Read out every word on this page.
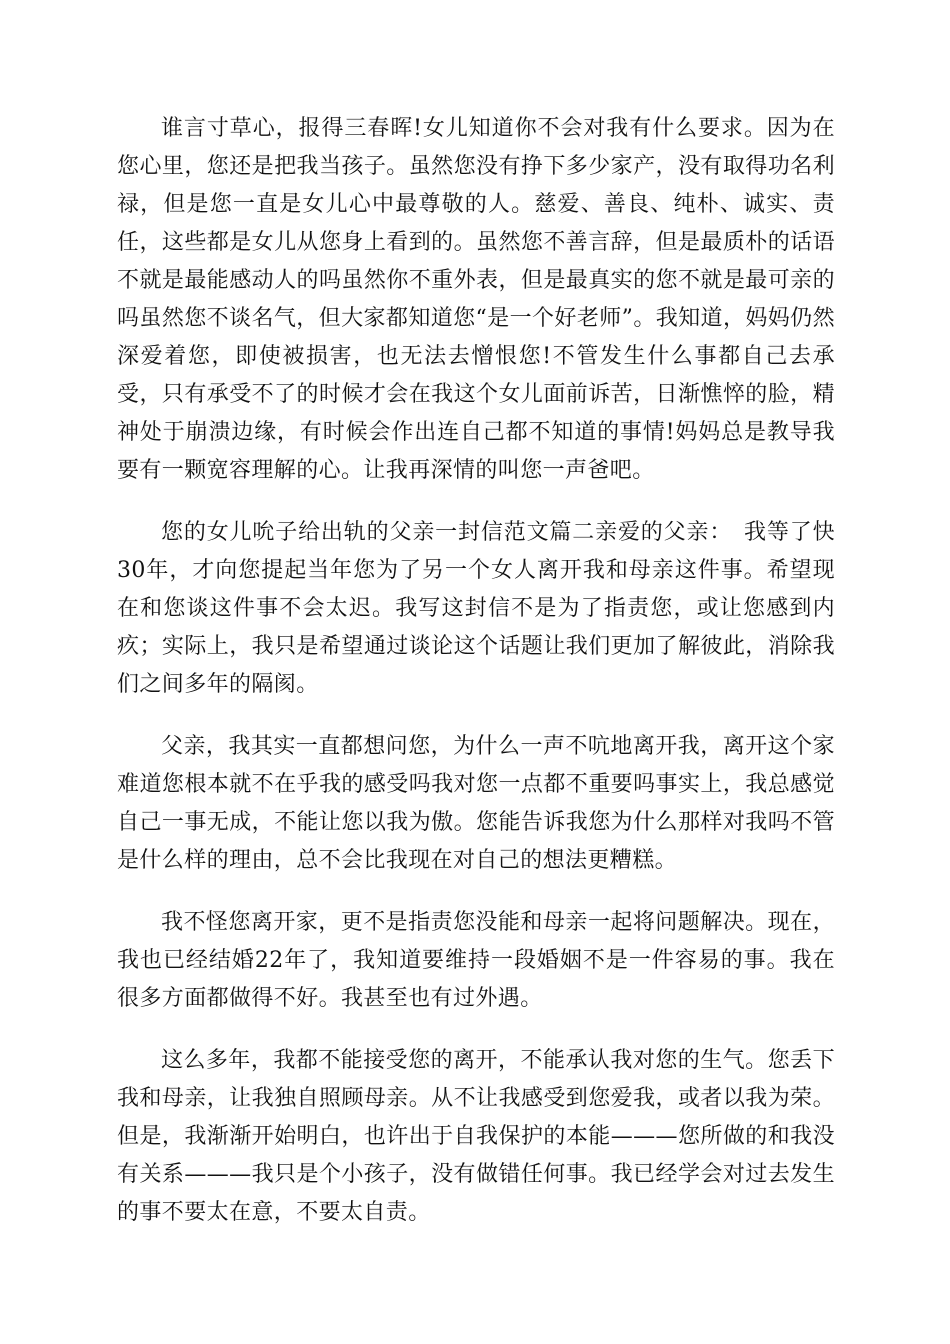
谁言寸草心，报得三春晖!女儿知道你不会对我有什么要求。因为在您心里，您还是把我当孩子。虽然您没有挣下多少家产，没有取得功名利禄，但是您一直是女儿心中最尊敬的人。慈爱、善良、纯朴、诚实、责任，这些都是女儿从您身上看到的。虽然您不善言辞，但是最质朴的话语不就是最能感动人的吗虽然你不重外表，但是最真实的您不就是最可亲的吗虽然您不谈名气，但大家都知道您“是一个好老师”。我知道，妈妈仍然深爱着您，即使被损害，也无法去憎恨您!不管发生什么事都自己去承受，只有承受不了的时候才会在我这个女儿面前诉苦，日渐憔悴的脸，精神处于崩溃边缘，有时候会作出连自己都不知道的事情!妈妈总是教导我要有一颗宽容理解的心。让我再深情的叫您一声爸吧。

您的女儿吮子给出轨的父亲一封信范文篇二亲爱的父亲：　我等了快30年，才向您提起当年您为了另一个女人离开我和母亲这件事。希望现在和您谈这件事不会太迟。我写这封信不是为了指责您，或让您感到内疚；实际上，我只是希望通过谈论这个话题让我们更加了解彼此，消除我们之间多年的隔阂。

父亲，我其实一直都想问您，为什么一声不吭地离开我，离开这个家难道您根本就不在乎我的感受吗我对您一点都不重要吗事实上，我总感觉自己一事无成，不能让您以我为傲。您能告诉我您为什么那样对我吗不管是什么样的理由，总不会比我现在对自己的想法更糟糕。

我不怪您离开家，更不是指责您没能和母亲一起将问题解决。现在，我也已经结婚22年了，我知道要维持一段婚姻不是一件容易的事。我在很多方面都做得不好。我甚至也有过外遇。

这么多年，我都不能接受您的离开，不能承认我对您的生气。您丢下我和母亲，让我独自照顾母亲。从不让我感受到您爱我，或者以我为荣。但是，我渐渐开始明白，也许出于自我保护的本能———您所做的和我没有关系———我只是个小孩子，没有做错任何事。我已经学会对过去发生的事不要太在意，不要太自责。
